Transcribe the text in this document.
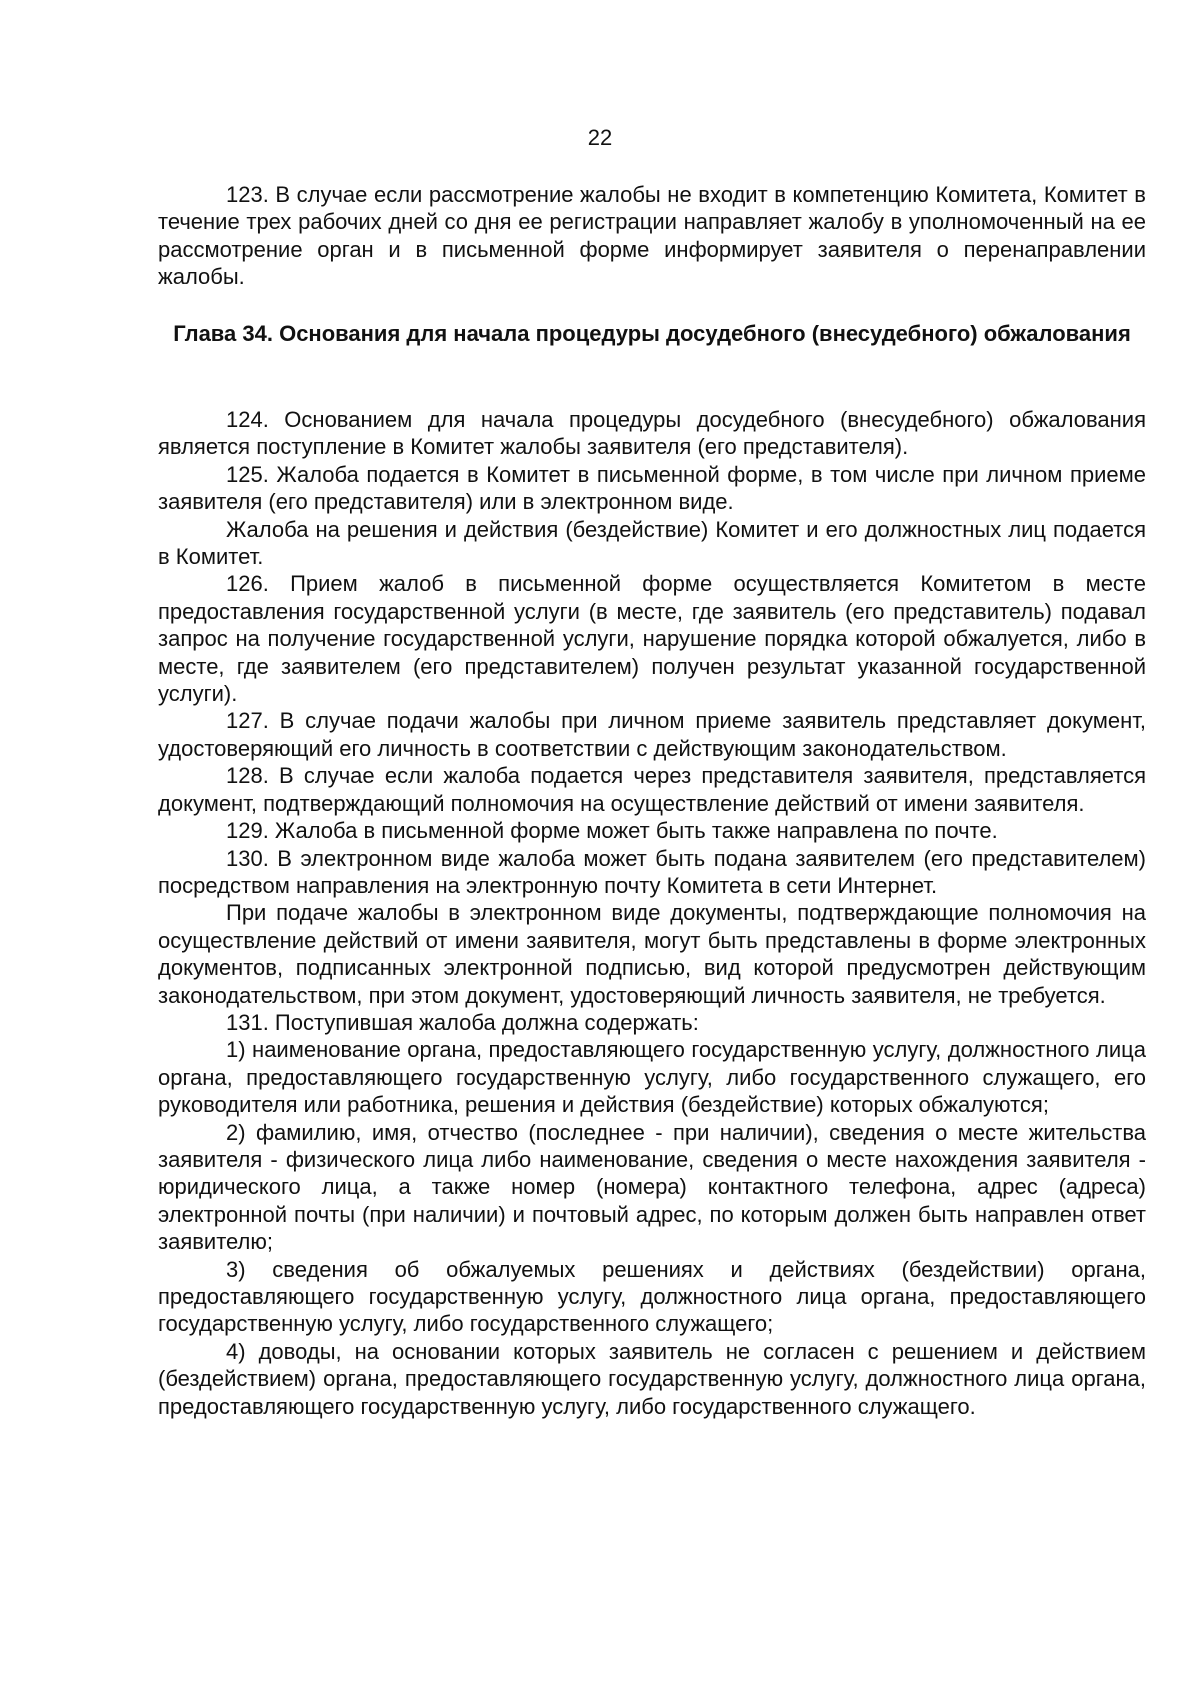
22

123. В случае если рассмотрение жалобы не входит в компетенцию Комитета, Комитет в течение трех рабочих дней со дня ее регистрации направляет жалобу в уполномоченный на ее рассмотрение орган и в письменной форме информирует заявителя о перенаправлении жалобы.

Глава 34. Основания для начала процедуры досудебного (внесудебного) обжалования

124. Основанием для начала процедуры досудебного (внесудебного) обжалования является поступление в Комитет жалобы заявителя (его представителя).

125. Жалоба подается в Комитет в письменной форме, в том числе при личном приеме заявителя (его представителя) или в электронном виде.

Жалоба на решения и действия (бездействие) Комитет и его должностных лиц подается в Комитет.

126. Прием жалоб в письменной форме осуществляется Комитетом в месте предоставления государственной услуги (в месте, где заявитель (его представитель) подавал запрос на получение государственной услуги, нарушение порядка которой обжалуется, либо в месте, где заявителем (его представителем) получен результат указанной государственной услуги).

127. В случае подачи жалобы при личном приеме заявитель представляет документ, удостоверяющий его личность в соответствии с действующим законодательством.

128. В случае если жалоба подается через представителя заявителя, представляется документ, подтверждающий полномочия на осуществление действий от имени заявителя.

129. Жалоба в письменной форме может быть также направлена по почте.

130. В электронном виде жалоба может быть подана заявителем (его представителем) посредством направления на электронную почту Комитета в сети Интернет.

При подаче жалобы в электронном виде документы, подтверждающие полномочия на осуществление действий от имени заявителя, могут быть представлены в форме электронных документов, подписанных электронной подписью, вид которой предусмотрен действующим законодательством, при этом документ, удостоверяющий личность заявителя, не требуется.

131. Поступившая жалоба должна содержать:

1) наименование органа, предоставляющего государственную услугу, должностного лица органа, предоставляющего государственную услугу, либо государственного служащего, его руководителя или работника, решения и действия (бездействие) которых обжалуются;

2) фамилию, имя, отчество (последнее - при наличии), сведения о месте жительства заявителя - физического лица либо наименование, сведения о месте нахождения заявителя - юридического лица, а также номер (номера) контактного телефона, адрес (адреса) электронной почты (при наличии) и почтовый адрес, по которым должен быть направлен ответ заявителю;

3) сведения об обжалуемых решениях и действиях (бездействии) органа, предоставляющего государственную услугу, должностного лица органа, предоставляющего государственную услугу, либо государственного служащего;

4) доводы, на основании которых заявитель не согласен с решением и действием (бездействием) органа, предоставляющего государственную услугу, должностного лица органа, предоставляющего государственную услугу, либо государственного служащего.
